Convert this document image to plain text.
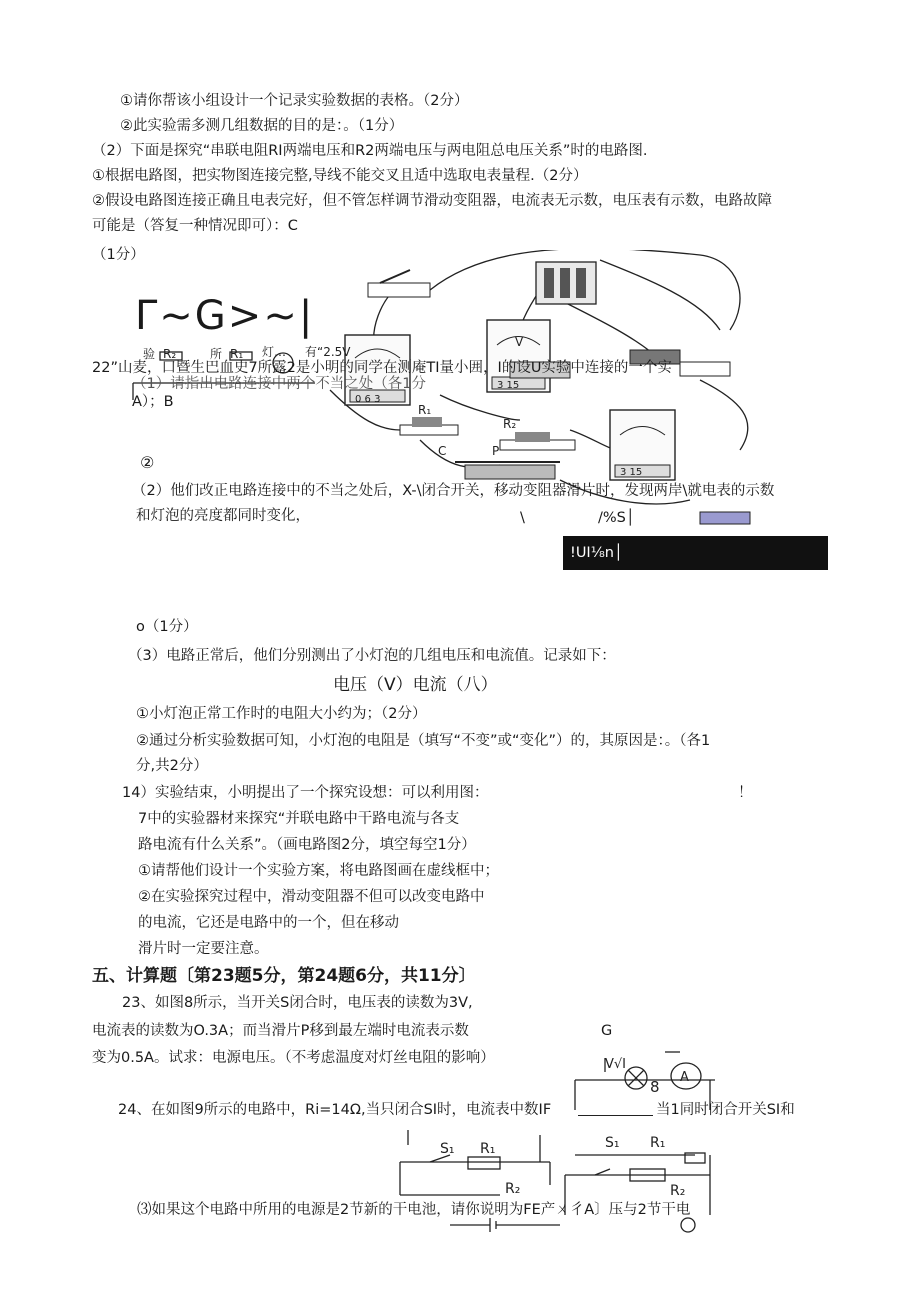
①请你帮该小组设计一个记录实验数据的表格。（2分）
②此实验需多测几组数据的目的是：。（1分）
（2）下面是探究“串联电阻RI两端电压和R2两端电压与两电阻总电压关系”时的电路图.
①根据电路图，把实物图连接完整,导线不能交叉且适中选取电表量程.（2分）
②假设电路图连接正确且电表完好，但不管怎样调节滑动变阻器，电流表无示数，电压表有示数，电路故障
可能是（答复一种情况即可）：C
（1分）
Γ~G>~|
验 R₂	所 R₁ 灯… 有“2.5V
R₁
R₂
C	P
V
0 6 3
3 15
3 15
22”山麦，口暨生巴血史7所露2是小明的同学在测庵TI量小囲，I的设U实验中连接的一个实
（1）请指出电路连接中两个不当之处（各1分
A）；B
②
（2）他们改正电路连接中的不当之处后，X-\闭合开关，移动变阻器滑片时，发现两岸\就电表的示数
和灯泡的亮度都同时变化，	\	/%S│
!UI⅛n│
o（1分）
（3）电路正常后，他们分别测出了小灯泡的几组电压和电流值。记录如下：
电压（V）电流（八）
①小灯泡正常工作时的电阻大小约为；（2分）
②通过分析实验数据可知，小灯泡的电阻是（填写“不变”或“变化”）的，其原因是：。（各1
分,共2分）
14）实验结束，小明提出了一个探究设想：可以利用图：	！
7中的实验器材来探究“并联电路中干路电流与各支
路电流有什么关系”。（画电路图2分，填空每空1分）
①请帮他们设计一个实验方案，将电路图画在虚线框中；
②在实验探究过程中，滑动变阻器不但可以改变电路中
的电流，它还是电路中的一个，但在移动
滑片时一定要注意。
五、计算题〔第23题5分，第24题6分，共11分〕
23、如图8所示，当开关S闭合时，电压表的读数为3V,
电流表的读数为O.3A；而当滑片P移到最左端时电流表示数	G
变为0.5A。试求：电源电压。（不考虑温度对灯丝电阻的影响）	V√I
8
A
24、在如图9所示的电路中，Ri=14Ω,当只闭合SI时，电流表中数IF	当1同时闭合开关SI和
S₁ R₁
R₂
S₁ R₁
R₂
⑶如果这个电路中所用的电源是2节新的干电池，请你说明为FE产ㄨ彳A〕压与2节干电
